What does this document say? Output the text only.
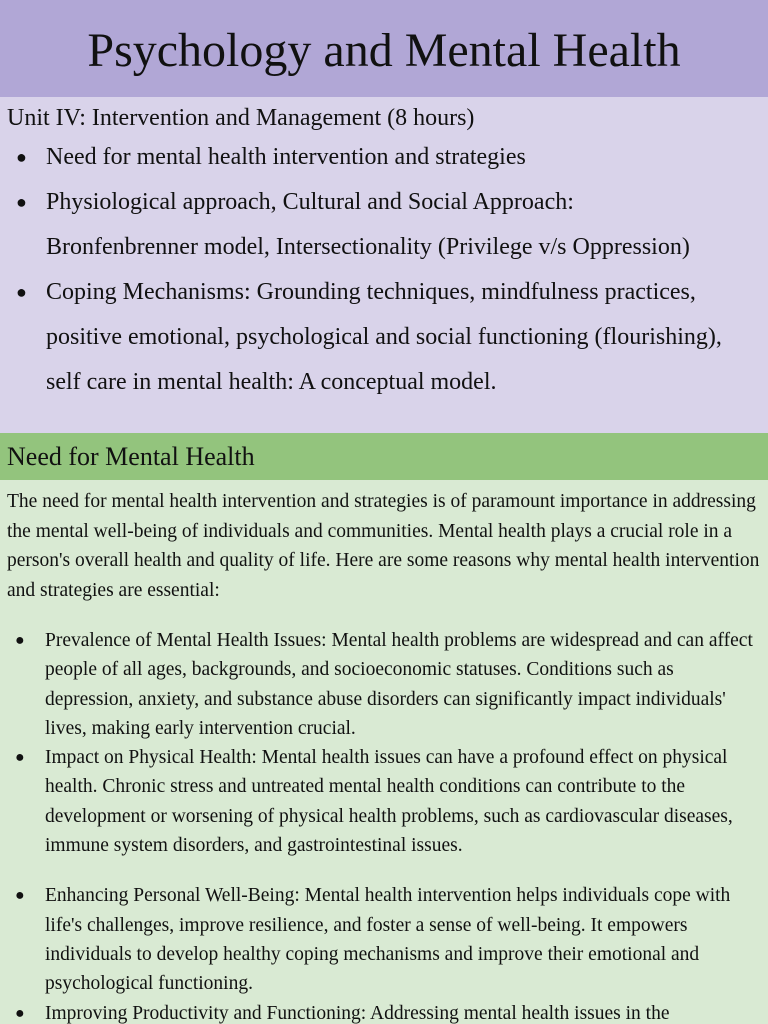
Psychology and Mental Health

Unit IV: Intervention and Management (8 hours)

● Need for mental health intervention and strategies
● Physiological approach, Cultural and Social Approach:
Bronfenbrenner model, Intersectionality (Privilege v/s Oppression)
● Coping Mechanisms: Grounding techniques, mindfulness practices,
positive emotional, psychological and social functioning (flourishing),
self care in mental health: A conceptual model.
Need for Mental Health

The need for mental health intervention and strategies is of paramount importance in addressing the mental well-being of individuals and communities. Mental health plays a crucial role in a person's overall health and quality of life. Here are some reasons why mental health intervention and strategies are essential:

● Prevalence of Mental Health Issues: Mental health problems are widespread and can affect people of all ages, backgrounds, and socioeconomic statuses. Conditions such as depression, anxiety, and substance abuse disorders can significantly impact individuals' lives, making early intervention crucial.
● Impact on Physical Health: Mental health issues can have a profound effect on physical health. Chronic stress and untreated mental health conditions can contribute to the development or worsening of physical health problems, such as cardiovascular diseases, immune system disorders, and gastrointestinal issues.
● Enhancing Personal Well-Being: Mental health intervention helps individuals cope with life's challenges, improve resilience, and foster a sense of well-being. It empowers individuals to develop healthy coping mechanisms and improve their emotional and psychological functioning.
● Improving Productivity and Functioning: Addressing mental health issues in the
